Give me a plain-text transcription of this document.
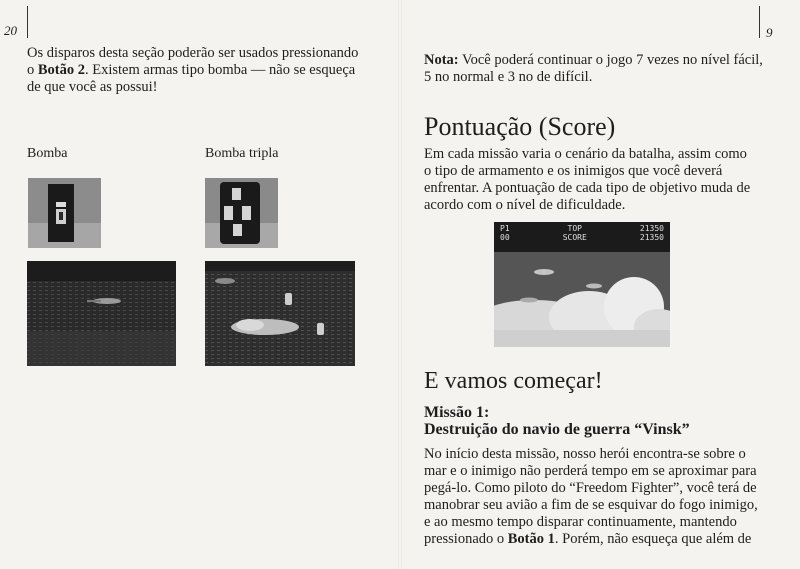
20

Os disparos desta seção poderão ser usados pressionando
o Botão 2. Existem armas tipo bomba — não se esqueça
de que você as possui!

Bomba	Bomba tripla
9

Nota: Você poderá continuar o jogo 7 vezes no nível fácil,
5 no normal e 3 no de difícil.

Pontuação (Score)

Em cada missão varia o cenário da batalha, assim como
o tipo de armamento e os inimigos que você deverá
enfrentar. A pontuação de cada tipo de objetivo muda de
acordo com o nível de dificuldade.

P1	TOP	21350
00	SCORE	21350
E vamos começar!
Missão 1:
Destruição do navio de guerra “Vinsk”

No início desta missão, nosso herói encontra-se sobre o
mar e o inimigo não perderá tempo em se aproximar para
pegá-lo. Como piloto do “Freedom Fighter”, você terá de
manobrar seu avião a fim de se esquivar do fogo inimigo,
e ao mesmo tempo disparar continuamente, mantendo
pressionado o Botão 1. Porém, não esqueça que além de
